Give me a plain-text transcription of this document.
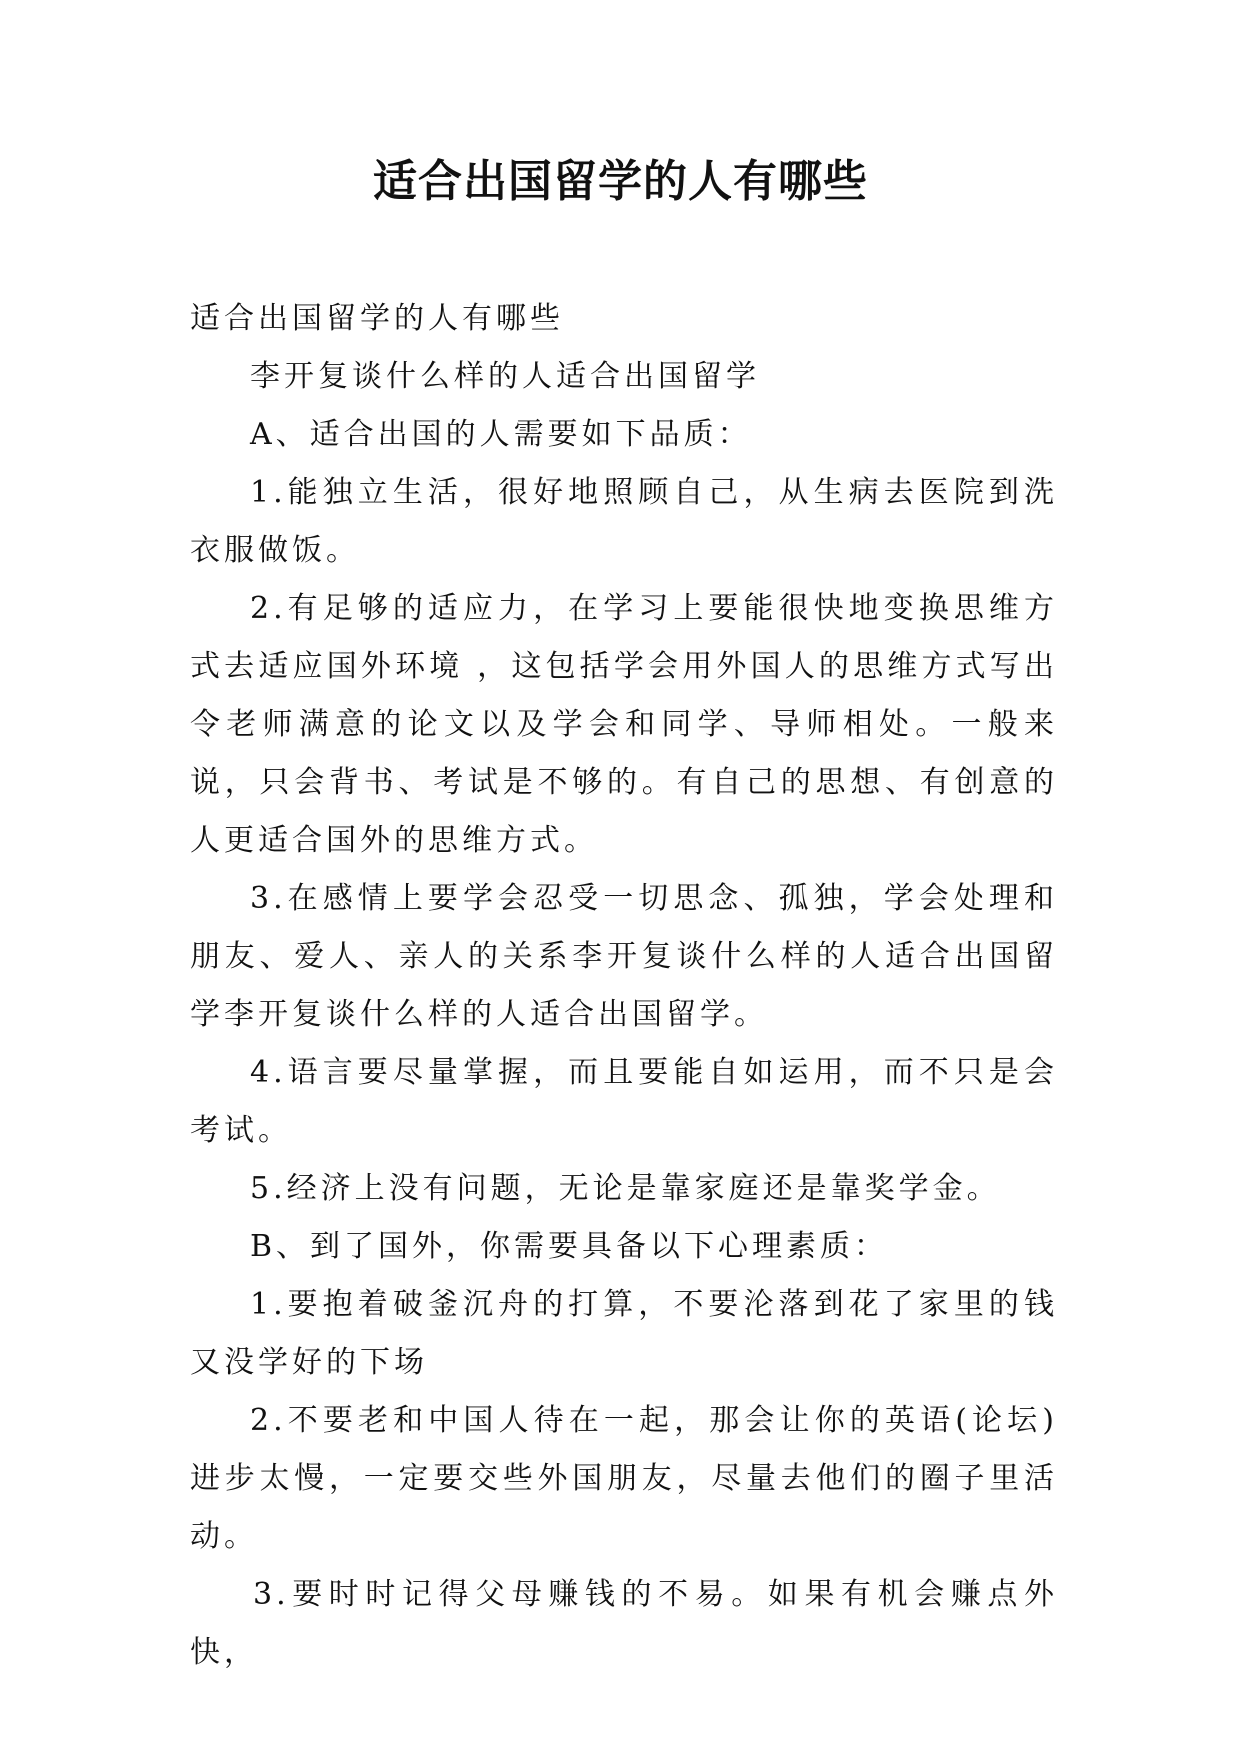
适合出国留学的人有哪些

适合出国留学的人有哪些

李开复谈什么样的人适合出国留学

A、适合出国的人需要如下品质：

1.能独立生活，很好地照顾自己，从生病去医院到洗衣服做饭。

2.有足够的适应力，在学习上要能很快地变换思维方式去适应国外环境 ，这包括学会用外国人的思维方式写出令老师满意的论文以及学会和同学、导师相处。一般来说，只会背书、考试是不够的。有自己的思想、有创意的人更适合国外的思维方式。

3.在感情上要学会忍受一切思念、孤独，学会处理和朋友、爱人、亲人的关系李开复谈什么样的人适合出国留学李开复谈什么样的人适合出国留学。

4.语言要尽量掌握，而且要能自如运用，而不只是会考试。

5.经济上没有问题，无论是靠家庭还是靠奖学金。

B、到了国外，你需要具备以下心理素质：

1.要抱着破釜沉舟的打算，不要沦落到花了家里的钱又没学好的下场

2.不要老和中国人待在一起，那会让你的英语(论坛)进步太慢，一定要交些外国朋友，尽量去他们的圈子里活动。

3.要时时记得父母赚钱的不易。如果有机会赚点外快，
